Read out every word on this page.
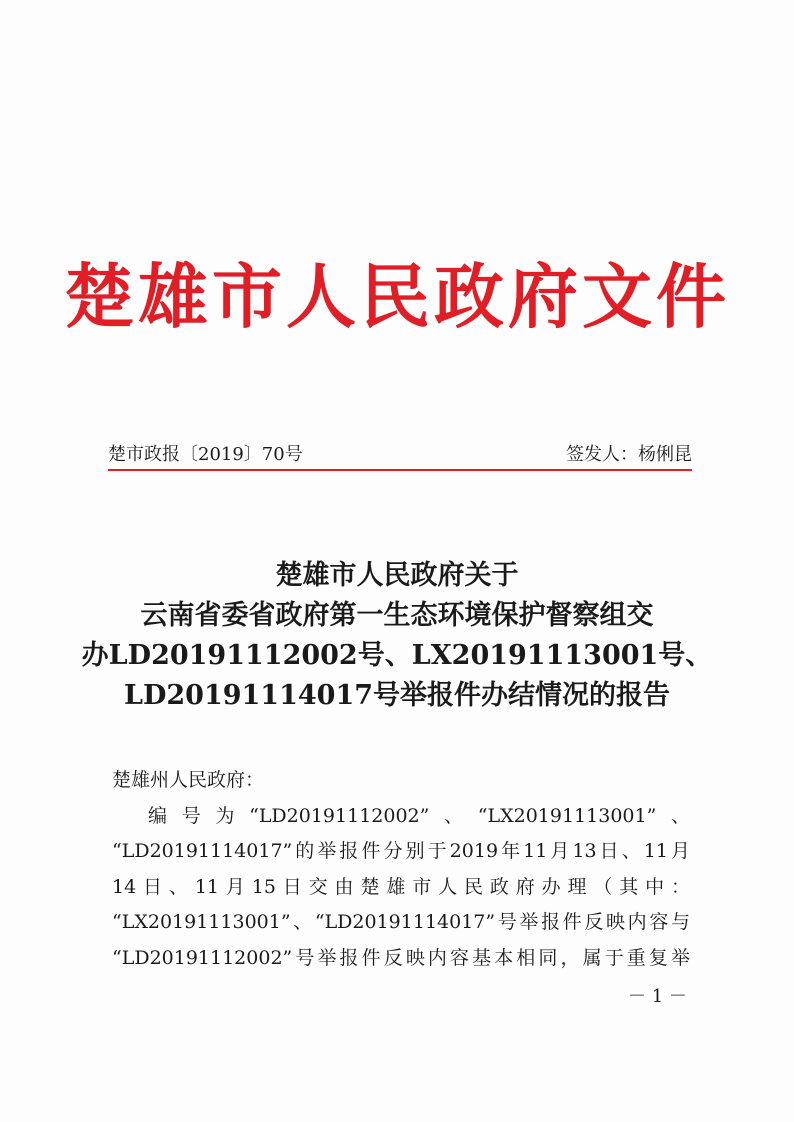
楚雄市人民政府文件
楚市政报〔2019〕70号	签发人：杨俐昆
楚雄市人民政府关于
云南省委省政府第一生态环境保护督察组交
办LD20191112002号、LX20191113001号、
LD20191114017号举报件办结情况的报告
楚雄州人民政府：
编号为“LD20191112002”、“LX20191113001”、
“LD20191114017”的举报件分别于2019年11月13日、11月
14日、11月15日交由楚雄市人民政府办理（其中：
“LX20191113001”、“LD20191114017”号举报件反映内容与
“LD20191112002”号举报件反映内容基本相同，属于重复举
－ 1 －
